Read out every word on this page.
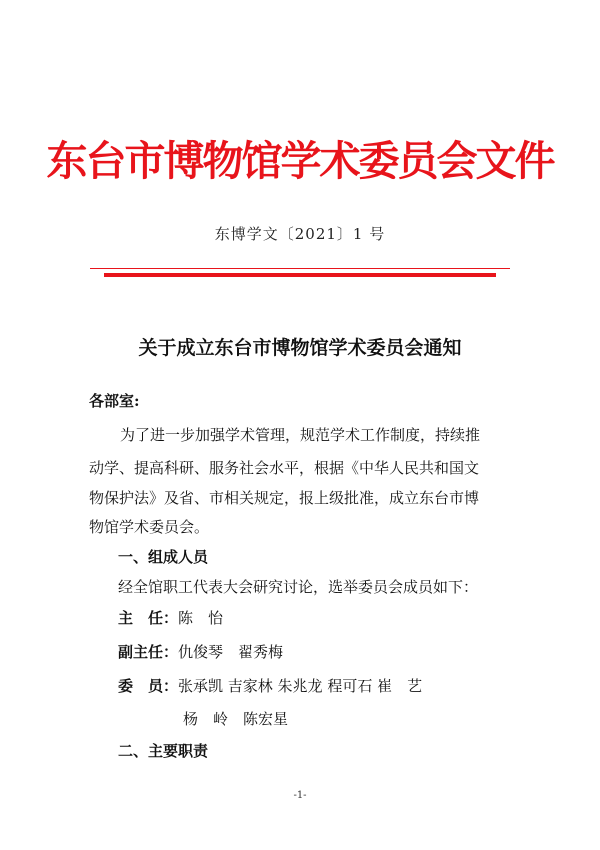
东台市博物馆学术委员会文件
东博学文〔2021〕1 号
关于成立东台市博物馆学术委员会通知
各部室:
为了进一步加强学术管理，规范学术工作制度，持续推
动学、提高科研、服务社会水平，根据《中华人民共和国文
物保护法》及省、市相关规定，报上级批准，成立东台市博
物馆学术委员会。
一、组成人员
经全馆职工代表大会研究讨论，选举委员会成员如下：
主　任：陈　怡
副主任：仇俊琴　翟秀梅
委　员：张承凯 吉家林 朱兆龙 程可石 崔　艺
杨　岭　陈宏星
二、主要职责
-1-
